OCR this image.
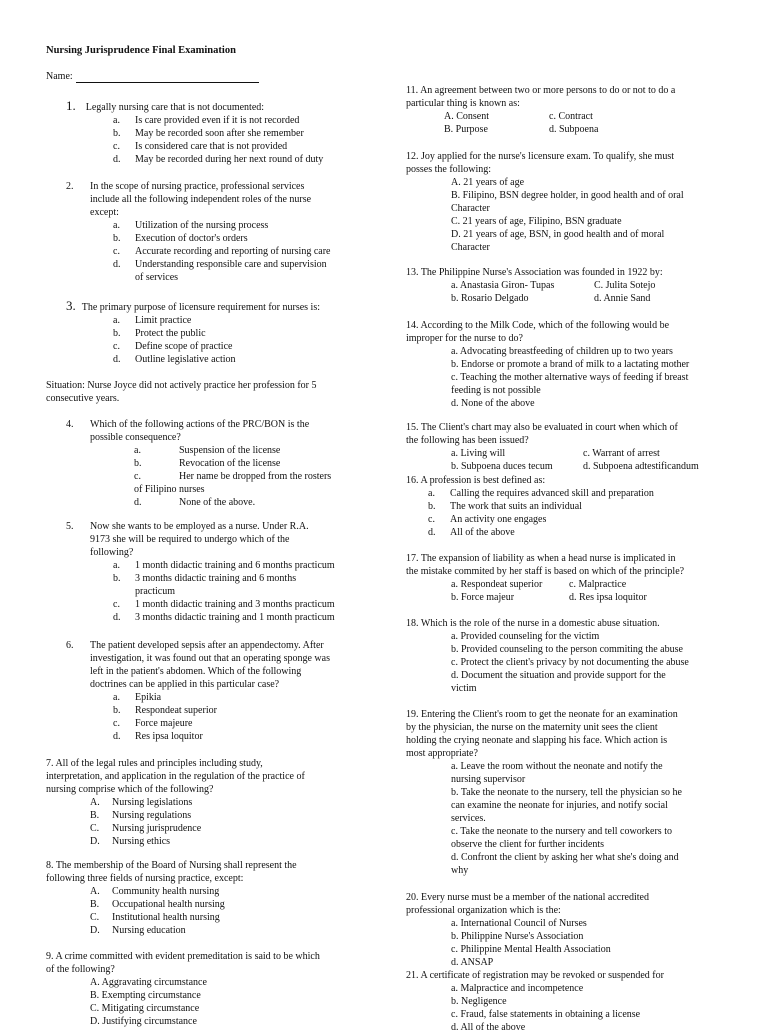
Nursing Jurisprudence Final Examination
Name:
1. Legally nursing care that is not documented:
a.	Is care provided even if it is not recorded
b.	May be recorded soon after she remember
c.	Is considered care that is not provided
d.	May be recorded during her next round of duty
2.	In the scope of nursing practice, professional services
include all the following independent roles of the nurse
except:
a.	Utilization of the nursing process
b.	Execution of doctor's orders
c.	Accurate recording and reporting of nursing care
d.	Understanding responsible care and supervision
of services
3. The primary purpose of licensure requirement for nurses is:
a.	Limit practice
b.	Protect the public
c.	Define scope of practice
d.	Outline legislative action
Situation: Nurse Joyce did not actively practice her profession for 5
consecutive years.
4.	Which of the following actions of the PRC/BON is the
possible consequence?
a.	Suspension of the license
b.	Revocation of the license
c.	Her name be dropped from the rosters
of Filipino nurses
d.	None of the above.
5.	Now she wants to be employed as a nurse. Under R.A.
9173 she will be required to undergo which of the
following?
a.	1 month didactic training and 6 months practicum
b.	3 months didactic training and 6 months
practicum
c.	1 month didactic training and 3 months practicum
d.	3 months didactic training and 1 month practicum
6.	The patient developed sepsis after an appendectomy. After
investigation, it was found out that an operating sponge was
left in the patient's abdomen. Which of the following
doctrines can be applied in this particular case?
a.	Epikia
b.	Respondeat superior
c.	Force majeure
d.	Res ipsa loquitor
7. All of the legal rules and principles including study,
interpretation, and application in the regulation of the practice of
nursing comprise which of the following?
A.	Nursing legislations
B.	Nursing regulations
C.	Nursing jurisprudence
D.	Nursing ethics
8. The membership of the Board of Nursing shall represent the
following three fields of nursing practice, except:
A.	Community health nursing
B.	Occupational health nursing
C.	Institutional health nursing
D.	Nursing education
9. A crime committed with evident premeditation is said to be which
of the following?
A. Aggravating circumstance
B. Exempting circumstance
C. Mitigating circumstance
D. Justifying circumstance
11. An agreement between two or more persons to do or not to do a
particular thing is known as:
A. Consent	c. Contract
B. Purpose	d. Subpoena
12. Joy applied for the nurse's licensure exam. To qualify, she must
posses the following:
A. 21 years of age
B. Filipino, BSN degree holder, in good health and of oral
Character
C. 21 years of age, Filipino, BSN graduate
D. 21 years of age, BSN, in good health and of moral
Character
13. The Philippine Nurse's Association was founded in 1922 by:
a. Anastasia Giron- Tupas	C. Julita Sotejo
b. Rosario Delgado	d. Annie Sand
14. According to the Milk Code, which of the following would be
improper for the nurse to do?
a. Advocating breastfeeding of children up to two years
b. Endorse or promote a brand of milk to a lactating mother
c. Teaching the mother alternative ways of feeding if breast
feeding is not possible
d. None of the above
15. The Client's chart may also be evaluated in court when which of
the following has been issued?
a. Living will	c. Warrant of arrest
b. Subpoena duces tecum	d. Subpoena adtestificandum
16. A profession is best defined as:
a.	Calling the requires advanced skill and preparation
b.	The work that suits an individual
c.	An activity one engages
d.	All of the above
17. The expansion of liability as when a head nurse is implicated in
the mistake commited by her staff is based on which of the principle?
a. Respondeat superior	c. Malpractice
b. Force majeur	d. Res ipsa loquitor
18. Which is the role of the nurse in a domestic abuse situation.
a. Provided counseling for the victim
b. Provided counseling to the person commiting the abuse
c. Protect the client's privacy by not documenting the abuse
d. Document the situation and provide support for the
victim
19. Entering the Client's room to get the neonate for an examination
by the physician, the nurse on the maternity unit sees the client
holding the crying neonate and slapping his face. Which action is
most appropriate?
a. Leave the room without the neonate and notify the
nursing supervisor
b. Take the neonate to the nursery, tell the physician so he
can examine the neonate for injuries, and notify social
services.
c. Take the neonate to the nursery and tell coworkers to
observe the client for further incidents
d. Confront the client by asking her what she's doing and
why
20. Every nurse must be a member of the national accredited
professional organization which is the:
a. International Council of Nurses
b. Philippine Nurse's Association
c. Philippine Mental Health Association
d. ANSAP
21. A certificate of registration may be revoked or suspended for
a. Malpractice and incompetence
b. Negligence
c. Fraud, false statements in obtaining a license
d. All of the above
